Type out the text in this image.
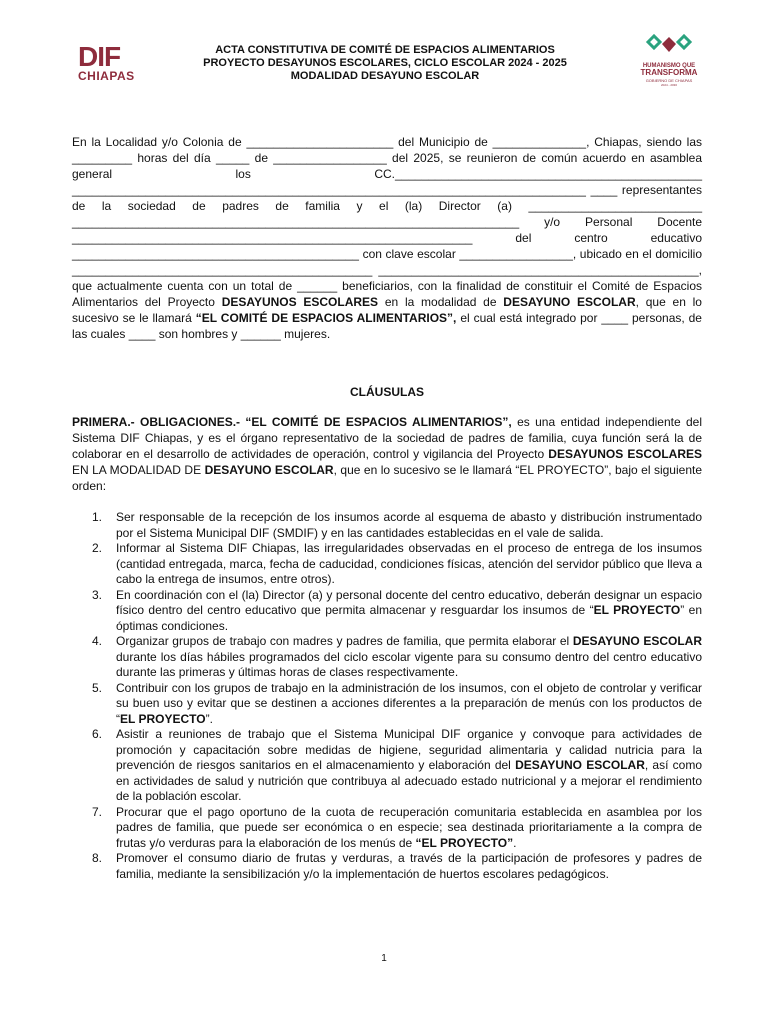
DIF
CHIAPAS
ACTA CONSTITUTIVA DE COMITÉ DE ESPACIOS ALIMENTARIOS
PROYECTO DESAYUNOS ESCOLARES, CICLO ESCOLAR 2024 - 2025
MODALIDAD DESAYUNO ESCOLAR
HUMANISMO QUE
TRANSFORMA
GOBIERNO DE CHIAPAS
2024 - 2030
En la Localidad y/o Colonia de ______________________ del Municipio de ______________, Chiapas, siendo las _________ horas del día _____ de _________________ del 2025, se reunieron de común acuerdo en asamblea general los CC.______________________________________________ _____________________________________________________________________________ ____ representantes de la sociedad de padres de familia y el (la) Director (a) __________________________ ___________________________________________________________________ y/o Personal Docente ____________________________________________________________ del centro educativo ___________________________________________ con clave escolar _________________, ubicado en el domicilio _____________________________________________ ________________________________________________, que actualmente cuenta con un total de ______ beneficiarios, con la finalidad de constituir el Comité de Espacios Alimentarios del Proyecto DESAYUNOS ESCOLARES en la modalidad de DESAYUNO ESCOLAR, que en lo sucesivo se le llamará “EL COMITÉ DE ESPACIOS ALIMENTARIOS”, el cual está integrado por ____ personas, de las cuales ____ son hombres y ______ mujeres.
CLÁUSULAS
PRIMERA.- OBLIGACIONES.- “EL COMITÉ DE ESPACIOS ALIMENTARIOS”, es una entidad independiente del Sistema DIF Chiapas, y es el órgano representativo de la sociedad de padres de familia, cuya función será la de colaborar en el desarrollo de actividades de operación, control y vigilancia del Proyecto DESAYUNOS ESCOLARES EN LA MODALIDAD DE DESAYUNO ESCOLAR, que en lo sucesivo se le llamará “EL PROYECTO”, bajo el siguiente orden:
1. Ser responsable de la recepción de los insumos acorde al esquema de abasto y distribución instrumentado por el Sistema Municipal DIF (SMDIF) y en las cantidades establecidas en el vale de salida.
2. Informar al Sistema DIF Chiapas, las irregularidades observadas en el proceso de entrega de los insumos (cantidad entregada, marca, fecha de caducidad, condiciones físicas, atención del servidor público que lleva a cabo la entrega de insumos, entre otros).
3. En coordinación con el (la) Director (a) y personal docente del centro educativo, deberán designar un espacio físico dentro del centro educativo que permita almacenar y resguardar los insumos de “EL PROYECTO” en óptimas condiciones.
4. Organizar grupos de trabajo con madres y padres de familia, que permita elaborar el DESAYUNO ESCOLAR durante los días hábiles programados del ciclo escolar vigente para su consumo dentro del centro educativo durante las primeras y últimas horas de clases respectivamente.
5. Contribuir con los grupos de trabajo en la administración de los insumos, con el objeto de controlar y verificar su buen uso y evitar que se destinen a acciones diferentes a la preparación de menús con los productos de “EL PROYECTO”.
6. Asistir a reuniones de trabajo que el Sistema Municipal DIF organice y convoque para actividades de promoción y capacitación sobre medidas de higiene, seguridad alimentaria y calidad nutricia para la prevención de riesgos sanitarios en el almacenamiento y elaboración del DESAYUNO ESCOLAR, así como en actividades de salud y nutrición que contribuya al adecuado estado nutricional y a mejorar el rendimiento de la población escolar.
7. Procurar que el pago oportuno de la cuota de recuperación comunitaria establecida en asamblea por los padres de familia, que puede ser económica o en especie; sea destinada prioritariamente a la compra de frutas y/o verduras para la elaboración de los menús de “EL PROYECTO”.
8. Promover el consumo diario de frutas y verduras, a través de la participación de profesores y padres de familia, mediante la sensibilización y/o la implementación de huertos escolares pedagógicos.
1
